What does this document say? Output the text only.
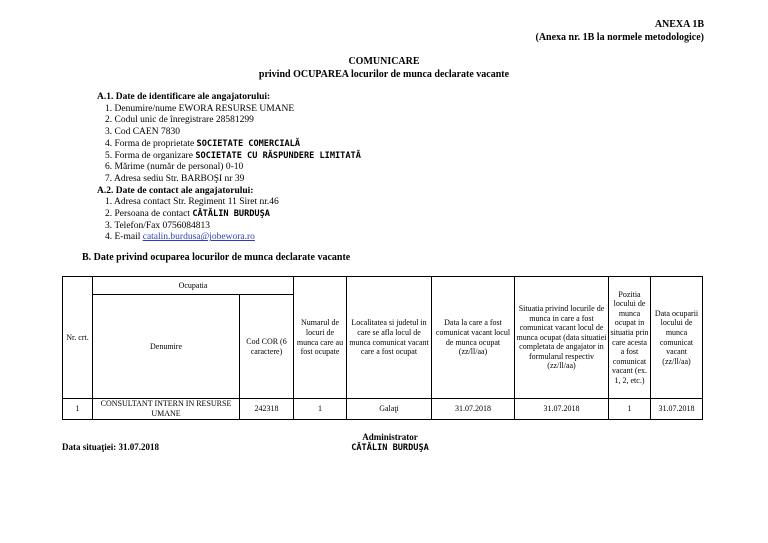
ANEXA 1B
(Anexa nr. 1B la normele metodologice)
COMUNICARE
privind OCUPAREA locurilor de munca declarate vacante
A.1. Date de identificare ale angajatorului:
1. Denumire/nume EWORA RESURSE UMANE
2. Codul unic de înregistrare 28581299
3. Cod CAEN 7830
4. Forma de proprietate SOCIETATE COMERCIALĂ
5. Forma de organizare SOCIETATE CU RĂSPUNDERE LIMITATĂ
6. Mărime (număr de personal) 0-10
7. Adresa sediu Str. BARBOŞI nr 39
A.2. Date de contact ale angajatorului:
1. Adresa contact Str. Regiment 11 Siret nr.46
2. Persoana de contact CĂTĂLIN BURDUŞA
3. Telefon/Fax 0756084813
4. E-mail catalin.burdusa@jobewora.ro
B. Date privind ocuparea locurilor de munca declarate vacante
Nr. crt.	Ocupatia		Numarul de locuri de munca care au fost ocupate	Localitatea si judetul in care se afla locul de munca comunicat vacant care a fost ocupat	Data la care a fost comunicat vacant locul de munca ocupat (zz/ll/aa)	Situatia privind locurile de munca in care a fost comunicat vacant locul de munca ocupat (data situatiei completata de angajator in formularul respectiv (zz/ll/aa)	Pozitia locului de munca ocupat in situatia prin care acesta a fost comunicat vacant (ex. 1, 2, etc.)	Data ocuparii locului de munca comunicat vacant (zz/ll/aa)
	Denumire	Cod COR (6 caractere)						
1	CONSULTANT INTERN IN RESURSE UMANE	242318	1	Galaţi	31.07.2018	31.07.2018	1	31.07.2018
Data situaţiei: 31.07.2018
Administrator
CĂTĂLIN BURDUŞA
